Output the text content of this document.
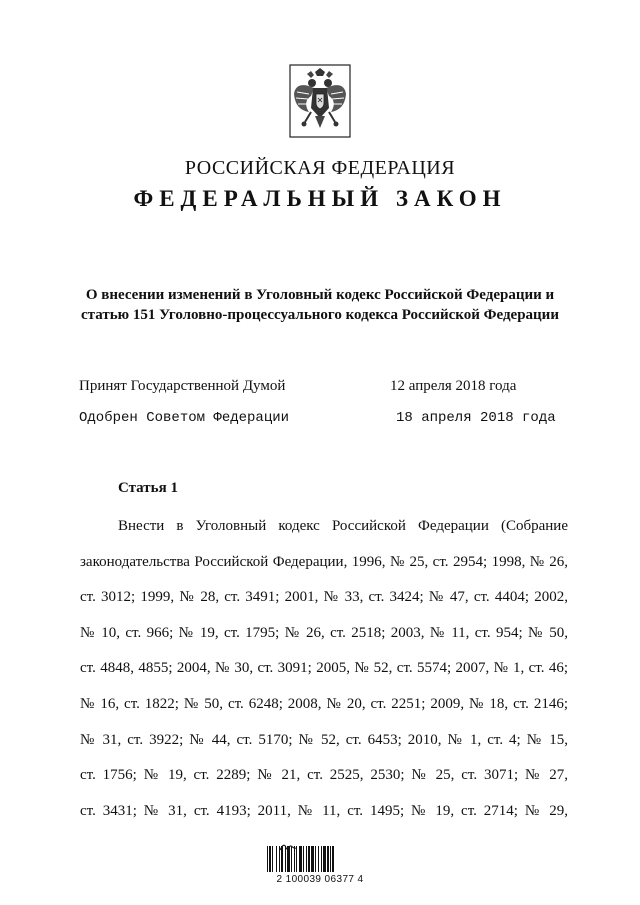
РОССИЙСКАЯ ФЕДЕРАЦИЯ
ФЕДЕРАЛЬНЫЙ ЗАКОН
О внесении изменений в Уголовный кодекс Российской Федерации и
статью 151 Уголовно-процессуального кодекса Российской Федерации
Принят Государственной Думой	12 апреля 2018 года
Одобрен Советом Федерации	18 апреля 2018 года
Статья 1
Внести в Уголовный кодекс Российской Федерации (Собрание
законодательства Российской Федерации, 1996, № 25, ст. 2954; 1998, № 26,
ст. 3012; 1999, № 28, ст. 3491; 2001, № 33, ст. 3424; № 47, ст. 4404; 2002,
№ 10, ст. 966; № 19, ст. 1795; № 26, ст. 2518; 2003, № 11, ст. 954; № 50,
ст. 4848, 4855; 2004, № 30, ст. 3091; 2005, № 52, ст. 5574; 2007, № 1, ст. 46;
№ 16, ст. 1822; № 50, ст. 6248; 2008, № 20, ст. 2251; 2009, № 18, ст. 2146;
№ 31, ст. 3922; № 44, ст. 5170; № 52, ст. 6453; 2010, № 1, ст. 4; № 15,
ст. 1756; № 19, ст. 2289; № 21, ст. 2525, 2530; № 25, ст. 3071; № 27,
ст. 3431; № 31, ст. 4193; 2011, № 11, ст. 1495; № 19, ст. 2714; № 29,
2 100039 06377 4
